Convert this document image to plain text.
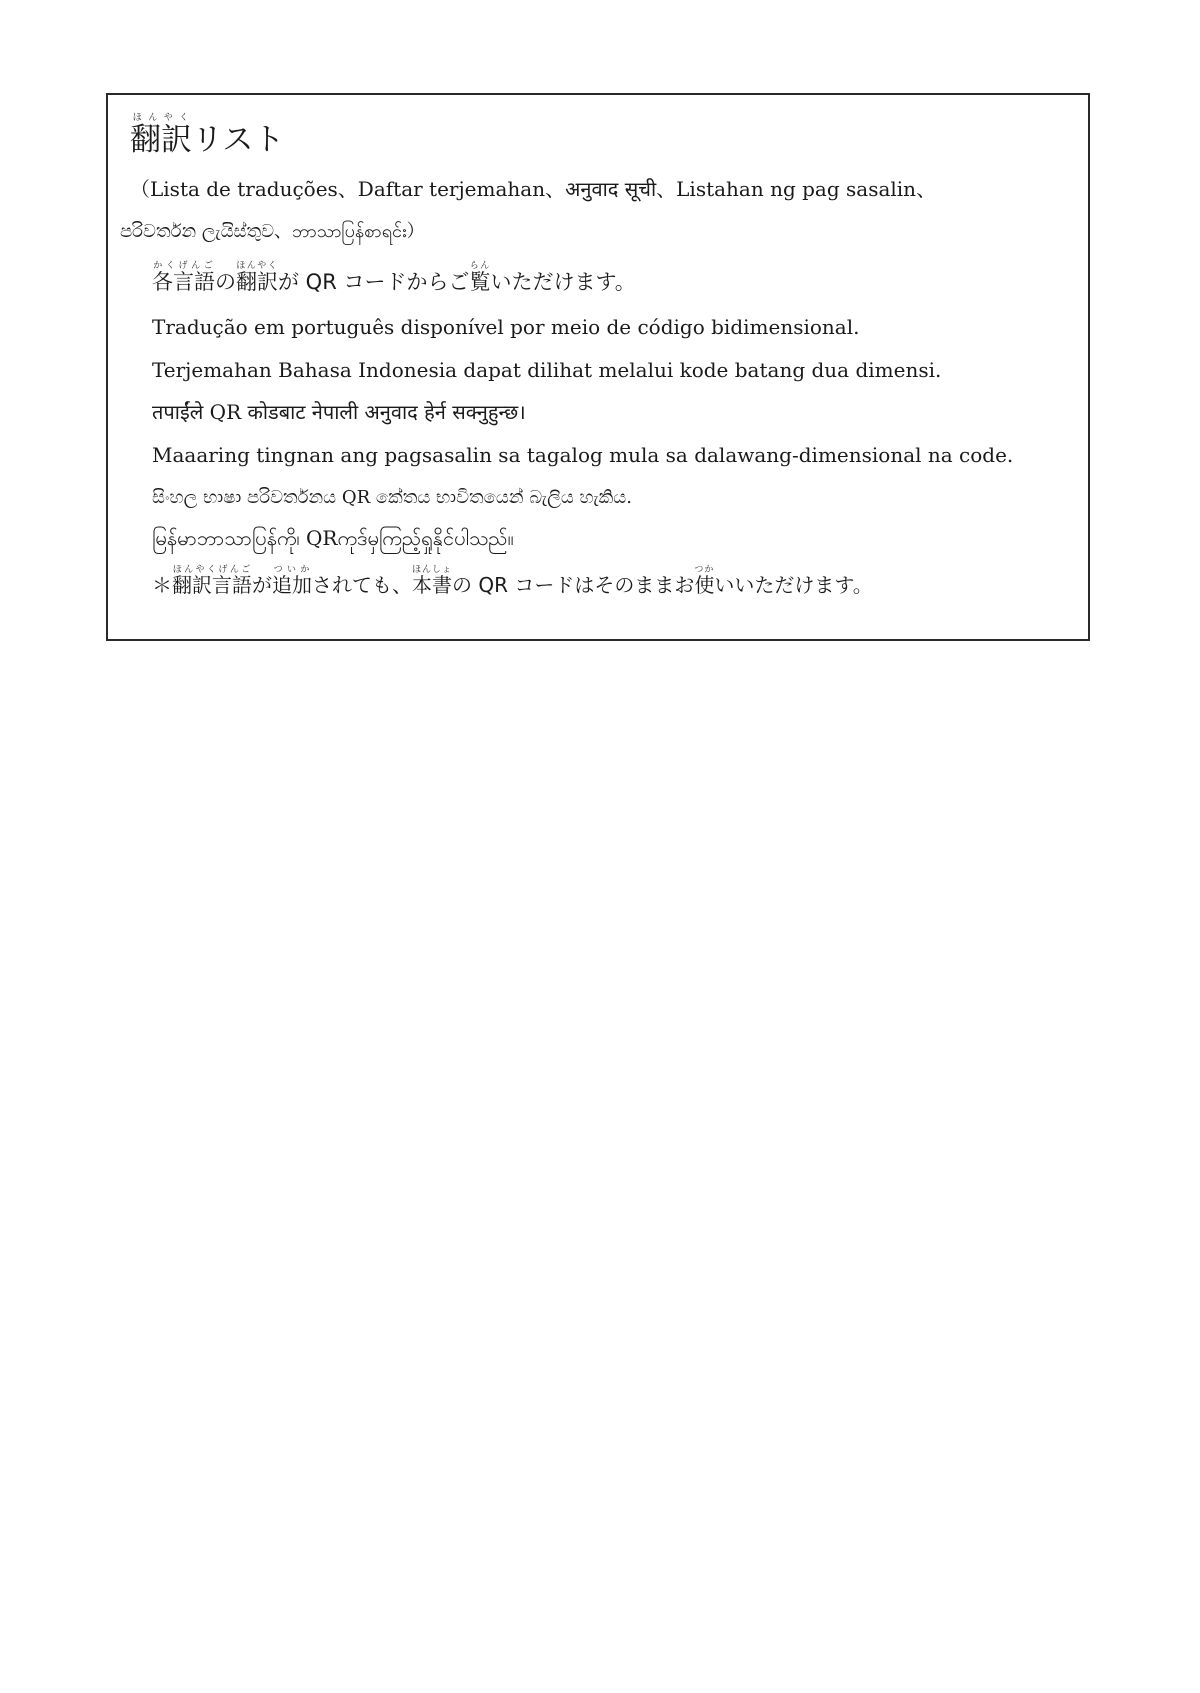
翻訳ほんやくリスト
（Lista de traduções、Daftar terjemahan、अनुवाद सूची、Listahan ng pag sasalin、
පරිවර්තන ලැයිස්තුව、ဘာသာပြန်စာရင်း）
各言語かくげんごの翻訳ほんやくが QR コードからご覧らんいただけます。
Tradução em português disponível por meio de código bidimensional.
Terjemahan Bahasa Indonesia dapat dilihat melalui kode batang dua dimensi.
तपाईंले QR कोडबाट नेपाली अनुवाद हेर्न सक्नुहुन्छ।
Maaaring tingnan ang pagsasalin sa tagalog mula sa dalawang-dimensional na code.
සිංහල භාෂා පරිවර්තනය QR කේතය භාවිතයෙන් බැලිය හැකිය.
မြန်မာဘာသာပြန်ကို၊ QRကုဒ်မှကြည့်ရှုနိုင်ပါသည်။
＊翻訳言語ほんやくげんごが追加ついかされても、本書ほんしょの QR コードはそのままお使つかいいただけます。
